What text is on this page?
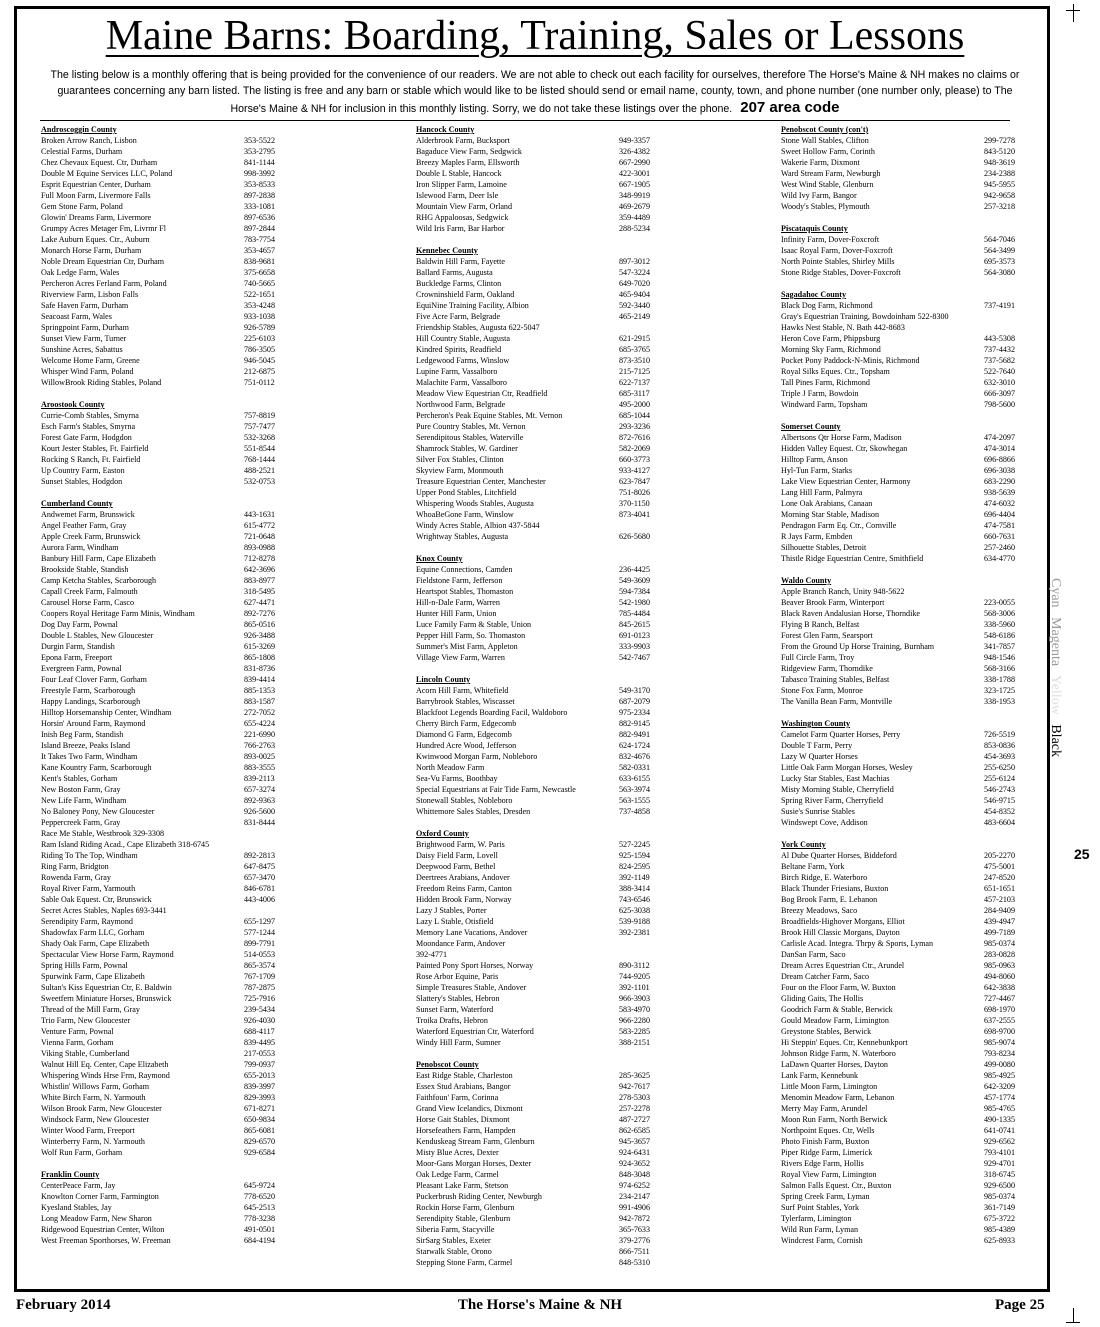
Maine Barns: Boarding, Training, Sales or Lessons
The listing below is a monthly offering that is being provided for the convenience of our readers. We are not able to check out each facility for ourselves, therefore The Horse's Maine & NH makes no claims or guarantees concerning any barn listed. The listing is free and any barn or stable which would like to be listed should send or email name, county, town, and phone number (one number only, please) to The Horse's Maine & NH for inclusion in this monthly listing. Sorry, we do not take these listings over the phone. 207 area code
Androscoggin County
Broken Arrow Ranch, Lisbon	353-5522
Celestial Farms, Durham	353-2795
Chez Chevaux Equest. Ctr, Durham	841-1144
Double M Equine Services LLC, Poland	998-3992
Esprit Equestrian Center, Durham	353-8533
Full Moon Farm, Livermore Falls	897-2838
Gem Stone Farm, Poland	333-1081
Glowin' Dreams Farm, Livermore	897-6536
Grumpy Acres Metager Fm, Livrmr Fl	897-2844
Lake Auburn Eques. Ctr., Auburn	783-7754
Monarch Horse Farm, Durham	353-4657
Noble Dream Equestrian Ctr, Durham	838-9681
Oak Ledge Farm, Wales	375-6658
Percheron Acres Ferland Farm, Poland	740-5665
Riverview Farm, Lisbon Falls	522-1651
Safe Haven Farm, Durham	353-4248
Seacoast Farm, Wales	933-1038
Springpoint Farm, Durham	926-5789
Sunset View Farm, Turner	225-6103
Sunshine Acres, Sabattus	786-3505
Welcome Home Farm, Greene	946-5045
Whisper Wind Farm, Poland	212-6875
WillowBrook Riding Stables, Poland	751-0112
Aroostook County
Currie-Comb Stables, Smyrna	757-8819
Esch Farm's Stables, Smyrna	757-7477
Forest Gate Farm, Hodgdon	532-3268
Kourt Jester Stables, Ft. Fairfield	551-8544
Rocking S Ranch, Ft. Fairfield	768-1444
Up Country Farm, Easton	488-2521
Sunset Stables, Hodgdon	532-0753
Cumberland County
Andwemet Farm, Brunswick	443-1631
Angel Feather Farm, Gray	615-4772
Apple Creek Farm, Brunswick	721-0648
Aurora Farm, Windham	893-0988
Banbury Hill Farm, Cape Elizabeth	712-8278
Brookside Stable, Standish	642-3696
Camp Ketcha Stables, Scarborough	883-8977
Capall Creek Farm, Falmouth	318-5495
Carousel Horse Farm, Casco	627-4471
Coopers Royal Heritage Farm Minis, Windham	892-7276
Dog Day Farm, Pownal	865-0516
Double L Stables, New Gloucester	926-3488
Durgin Farm, Standish	615-3269
Epona Farm, Freeport	865-1808
Evergreen Farm, Pownal	831-8736
Four Leaf Clover Farm, Gorham	839-4414
Freestyle Farm, Scarborough	885-1353
Happy Landings, Scarborough	883-1587
Hilltop Horsemanship Center, Windham	272-7052
Horsin' Around Farm, Raymond	655-4224
Inish Beg Farm, Standish	221-6990
Island Breeze, Peaks Island	766-2763
It Takes Two Farm, Windham	893-0025
Kane Kountry Farm, Scarborough	883-3555
Kent's Stables, Gorham	839-2113
New Boston Farm, Gray	657-3274
New Life Farm, Windham	892-9363
No Baloney Pony, New Gloucester	926-5600
Peppercreek Farm, Gray	831-8444
Race Me Stable, Westbrook 329-3308
Ram Island Riding Acad., Cape Elizabeth 318-6745
Riding To The Top, Windham	892-2813
Ring Farm, Bridgton	647-8475
Rowenda Farm, Gray	657-3470
Royal River Farm, Yarmouth	846-6781
Sable Oak Equest. Ctr, Brunswick	443-4006
Secret Acres Stables, Naples 693-3441
Serendipity Farm, Raymond	655-1297
Shadowfax Farm LLC, Gorham	577-1244
Shady Oak Farm, Cape Elizabeth	899-7791
Spectacular View Horse Farm, Raymond	514-0553
Spring Hills Farm, Pownal	865-3574
Spurwink Farm, Cape Elizabeth	767-1709
Sultan's Kiss Equestrian Ctr, E. Baldwin	787-2875
Sweetfern Miniature Horses, Brunswick	725-7916
Thread of the Mill Farm, Gray	239-5434
Trio Farm, New Gloucester	926-4030
Venture Farm, Pownal	688-4117
Vienna Farm, Gorham	839-4495
Viking Stable, Cumberland	217-0553
Walnut Hill Eq. Center, Cape Elizabeth	799-0937
Whispering Winds Hrse Frm, Raymond	655-2013
Whistlin' Willows Farm, Gorham	839-3997
White Birch Farm, N. Yarmouth	829-3993
Wilson Brook Farm, New Gloucester	671-8271
Windsock Farm, New Gloucester	650-9834
Winter Wood Farm, Freeport	865-6081
Winterberry Farm, N. Yarmouth	829-6570
Wolf Run Farm, Gorham	929-6584
Franklin County
CenterPeace Farm, Jay	645-9724
Knowlton Corner Farm, Farmington	778-6520
Kyesland Stables, Jay	645-2513
Long Meadow Farm, New Sharon	778-3238
Ridgewood Equestrian Center, Wilton	491-0501
West Freeman Sporthorses, W. Freeman	684-4194
Hancock County
Alderbrook Farm, Bucksport	949-3357
Bagaduce View Farm, Sedgwick	326-4382
Breezy Maples Farm, Ellsworth	667-2990
Double L Stable, Hancock	422-3001
Iron Slipper Farm, Lamoine	667-1905
Islewood Farm, Deer Isle	348-9919
Mountain View Farm, Orland	469-2679
RHG Appaloosas, Sedgwick	359-4489
Wild Iris Farm, Bar Harbor	288-5234
Kennebec County
Baldwin Hill Farm, Fayette	897-3012
Ballard Farms, Augusta	547-3224
Buckledge Farms, Clinton	649-7020
Crowninshield Farm, Oakland	465-9404
EquiNine Training Facility, Albion	592-3440
Five Acre Farm, Belgrade	465-2149
Friendship Stables, Augusta 622-5047
Hill Country Stable, Augusta	621-2915
Kindred Spirits, Readfield	685-3765
Ledgewood Farms, Winslow	873-3510
Lupine Farm, Vassalboro	215-7125
Malachite Farm, Vassalboro	622-7137
Meadow View Equestrian Ctr, Readfield	685-3117
Northwood Farm, Belgrade	495-2000
Percheron's Peak Equine Stables, Mt. Vernon	685-1044
Pure Country Stables, Mt. Vernon	293-3236
Serendipitous Stables, Waterville	872-7616
Shamrock Stables, W. Gardiner	582-2069
Silver Fox Stables, Clinton	660-3773
Skyview Farm, Monmouth	933-4127
Treasure Equestrian Center, Manchester	623-7847
Upper Pond Stables, Litchfield	751-8026
Whispering Woods Stables, Augusta	370-1150
WhoaBeGone Farm, Winslow	873-4041
Windy Acres Stable, Albion 437-5844
Wrightway Stables, Augusta	626-5680
Knox County
Equine Connections, Camden	236-4425
Fieldstone Farm, Jefferson	549-3609
Heartspot Stables, Thomaston	594-7384
Hill-n-Dale Farm, Warren	542-1980
Hunter Hill Farm, Union	785-4484
Luce Family Farm & Stable, Union	845-2615
Pepper Hill Farm, So. Thomaston	691-0123
Summer's Mist Farm, Appleton	333-9903
Village View Farm, Warren	542-7467
Lincoln County
Acorn Hill Farm, Whitefield	549-3170
Barrybrook Stables, Wiscasset	687-2079
Blackfoot Legends Boarding Facil, Waldoboro	975-2334
Cherry Birch Farm, Edgecomb	882-9145
Diamond G Farm, Edgecomb	882-9491
Hundred Acre Wood, Jefferson	624-1724
Kwinwood Morgan Farm, Nobleboro	832-4676
North Meadow Farm	582-0331
Sea-Vu Farms, Boothbay	633-6155
Special Equestrians at Fair Tide Farm, Newcastle	563-3974
Stonewall Stables, Nobleboro	563-1555
Whittemore Sales Stables, Dresden	737-4858
Oxford County
Brightwood Farm, W. Paris	527-2245
Daisy Field Farm, Lovell	925-1594
Deepwood Farm, Bethel	824-2595
Deertrees Arabians, Andover	392-1149
Freedom Reins Farm, Canton	388-3414
Hidden Brook Farm, Norway	743-6546
Lazy J Stables, Porter	625-3038
Lazy L Stable, Otisfield	539-9188
Memory Lane Vacations, Andover	392-2381
Moondance Farm, Andover
392-4771
Painted Pony Sport Horses, Norway	890-3112
Rose Arbor Equine, Paris	744-9205
Simple Treasures Stable, Andover	392-1101
Slattery's Stables, Hebron	966-3903
Sunset Farm, Waterford	583-4970
Troika Drafts, Hebron	966-2280
Waterford Equestrian Ctr, Waterford	583-2285
Windy Hill Farm, Sumner	388-2151
Penobscot County
East Ridge Stable, Charleston	285-3625
Essex Stud Arabians, Bangor	942-7617
Faithfoun' Farm, Corinna	278-5303
Grand View Icelandics, Dixmont	257-2278
Horse Gait Stables, Dixmont	487-2727
Horsefeathers Farm, Hampden	862-6585
Kenduskeag Stream Farm, Glenburn	945-3657
Misty Blue Acres, Dexter	924-6431
Moor-Gans Morgan Horses, Dexter	924-3652
Oak Ledge Farm, Carmel	848-3048
Pleasant Lake Farm, Stetson	974-6252
Puckerbrush Riding Center, Newburgh	234-2147
Rockin Horse Farm, Glenburn	991-4906
Serendipity Stable, Glenburn	942-7872
Siberia Farm, Stacyville	365-7633
SirSarg Stables, Exeter	379-2776
Starwalk Stable, Orono	866-7511
Stepping Stone Farm, Carmel	848-5310
Penobscot County (con't)
Stone Wall Stables, Clifton	299-7278
Sweet Hollow Farm, Corinth	843-5120
Wakerie Farm, Dixmont	948-3619
Ward Stream Farm, Newburgh	234-2388
West Wind Stable, Glenburn	945-5955
Wild Ivy Farm, Bangor	942-9658
Woody's Stables, Plymouth	257-3218
Piscataquis County
Infinity Farm, Dover-Foxcroft	564-7046
Isaac Royal Farm, Dover-Foxcroft	564-3499
North Pointe Stables, Shirley Mills	695-3573
Stone Ridge Stables, Dover-Foxcroft	564-3080
Sagadahoc County
Black Dog Farm, Richmond	737-4191
Gray's Equestrian Training, Bowdoinham 522-8300
Hawks Nest Stable, N. Bath 442-8683
Heron Cove Farm, Phippsburg	443-5308
Morning Sky Farm, Richmond	737-4432
Pocket Pony Paddock-N-Minis, Richmond	737-5682
Royal Silks Eques. Ctr., Topsham	522-7640
Tall Pines Farm, Richmond	632-3010
Triple J Farm, Bowdoin	666-3097
Windward Farm, Topsham	798-5600
Somerset County
Albertsons Qtr Horse Farm, Madison	474-2097
Hidden Valley Equest. Ctr, Skowhegan	474-3014
Hilltop Farm, Anson	696-8866
Hyl-Tun Farm, Starks	696-3038
Lake View Equestrian Center, Harmony	683-2290
Lang Hill Farm, Palmyra	938-5639
Lone Oak Arabians, Canaan	474-6032
Morning Star Stable, Madison	696-4404
Pendragon Farm Eq. Ctr., Cornville	474-7581
R Jays Farm, Embden	660-7631
Silhouette Stables, Detroit	257-2460
Thistle Ridge Equestrian Centre, Smithfield	634-4770
Waldo County
Apple Branch Ranch, Unity 948-5622
Beaver Brook Farm, Winterport	223-0055
Black Raven Andalusian Horse, Thorndike	568-3006
Flying B Ranch, Belfast	338-5960
Forest Glen Farm, Searsport	548-6186
From the Ground Up Horse Training, Burnham	341-7857
Full Circle Farm, Troy	948-1546
Ridgeview Farm, Thorndike	568-3166
Tabasco Training Stables, Belfast	338-1788
Stone Fox Farm, Monroe	323-1725
The Vanilla Bean Farm, Montville	338-1953
Washington County
Camelot Farm Quarter Horses, Perry	726-5519
Double T Farm, Perry	853-0836
Lazy W Quarter Horses	454-3693
Little Oak Farm Morgan Horses, Wesley	255-6250
Lucky Star Stables, East Machias	255-6124
Misty Morning Stable, Cherryfield	546-2743
Spring River Farm, Cherryfield	546-9715
Susie's Sunrise Stables	454-8352
Windswept Cove, Addison	483-6604
York County
Al Dube Quarter Horses, Biddeford	205-2270
Beltane Farm, York	475-5001
Birch Ridge, E. Waterboro	247-8520
Black Thunder Friesians, Buxton	651-1651
Bog Brook Farm, E. Lebanon	457-2103
Breezy Meadows, Saco	284-9409
Broadfields-Highover Morgans, Elliot	439-4947
Brook Hill Classic Morgans, Dayton	499-7189
Carlisle Acad. Integra. Thrpy & Sports, Lyman	985-0374
DanSan Farm, Saco	283-0828
Dream Acres Equestrian Ctr., Arundel	985-0963
Dream Catcher Farm, Saco	494-8060
Four on the Floor Farm, W. Buxton	642-3838
Gliding Gaits, The Hollis	727-4467
Goodrich Farm & Stable, Berwick	698-1970
Gould Meadow Farm, Limington	637-2555
Greystone Stables, Berwick	698-9700
Hi Steppin' Eques. Ctr, Kennebunkport	985-9074
Johnson Ridge Farm, N. Waterboro	793-8234
LaDawn Quarter Horses, Dayton	499-0080
Lank Farm, Kennebunk	985-4925
Little Moon Farm, Limington	642-3209
Menomin Meadow Farm, Lebanon	457-1774
Merry May Farm, Arundel	985-4765
Moon Run Farm, North Berwick	490-1335
Northpoint Eques. Ctr, Wells	641-0741
Photo Finish Farm, Buxton	929-6562
Piper Ridge Farm, Limerick	793-4101
Rivers Edge Farm, Hollis	929-4701
Royal View Farm, Limington	318-6745
Salmon Falls Equest. Ctr., Buxton	929-6500
Spring Creek Farm, Lyman	985-0374
Surf Point Stables, York	361-7149
Tylerfarm, Limington	675-3722
Wild Run Farm, Lyman	985-4389
Windcrest Farm, Cornish	625-8933
February 2014	The Horse's Maine & NH	Page 25
Cyan Magenta Yellow Black
25
